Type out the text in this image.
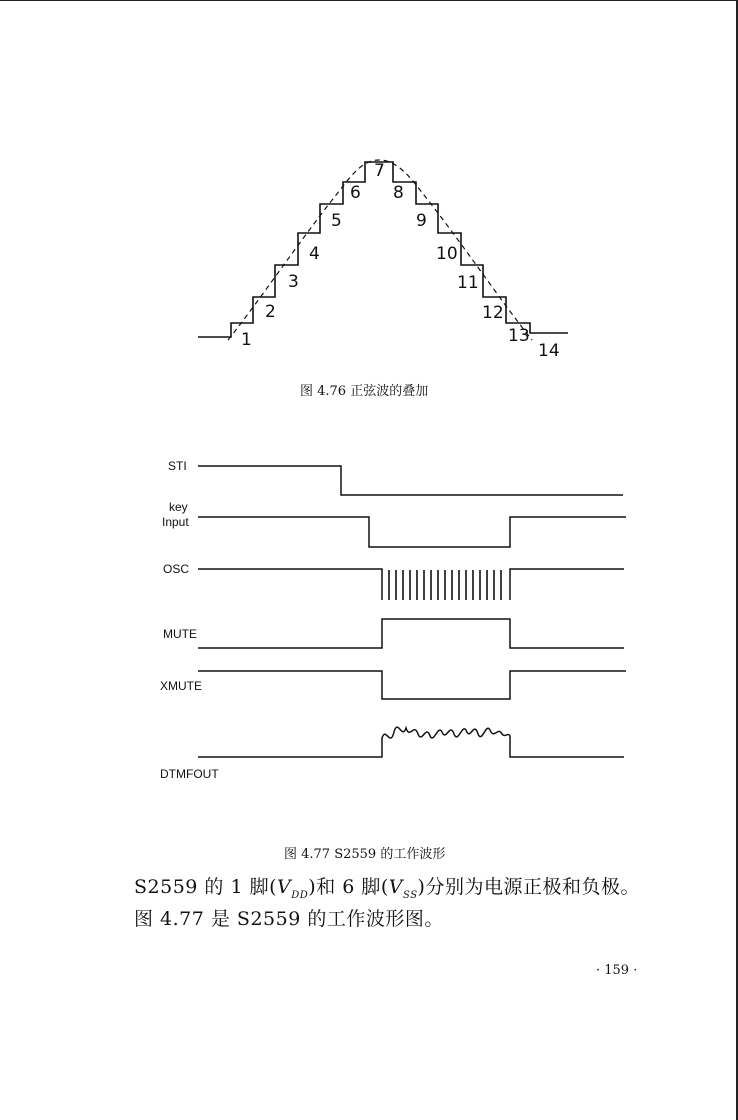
1
2
3
4
5
6
7
8
9
10
11
12
13
14
图 4.76 正弦波的叠加
STI
key
Input
OSC
MUTE
XMUTE
DTMFOUT
图 4.77 S2559 的工作波形
S2559 的 1 脚$(V_{DD})$和 6 脚$(V_{SS})$分别为电源正极和负极。
图 4.77 是 S2559 的工作波形图。
· 159 ·
